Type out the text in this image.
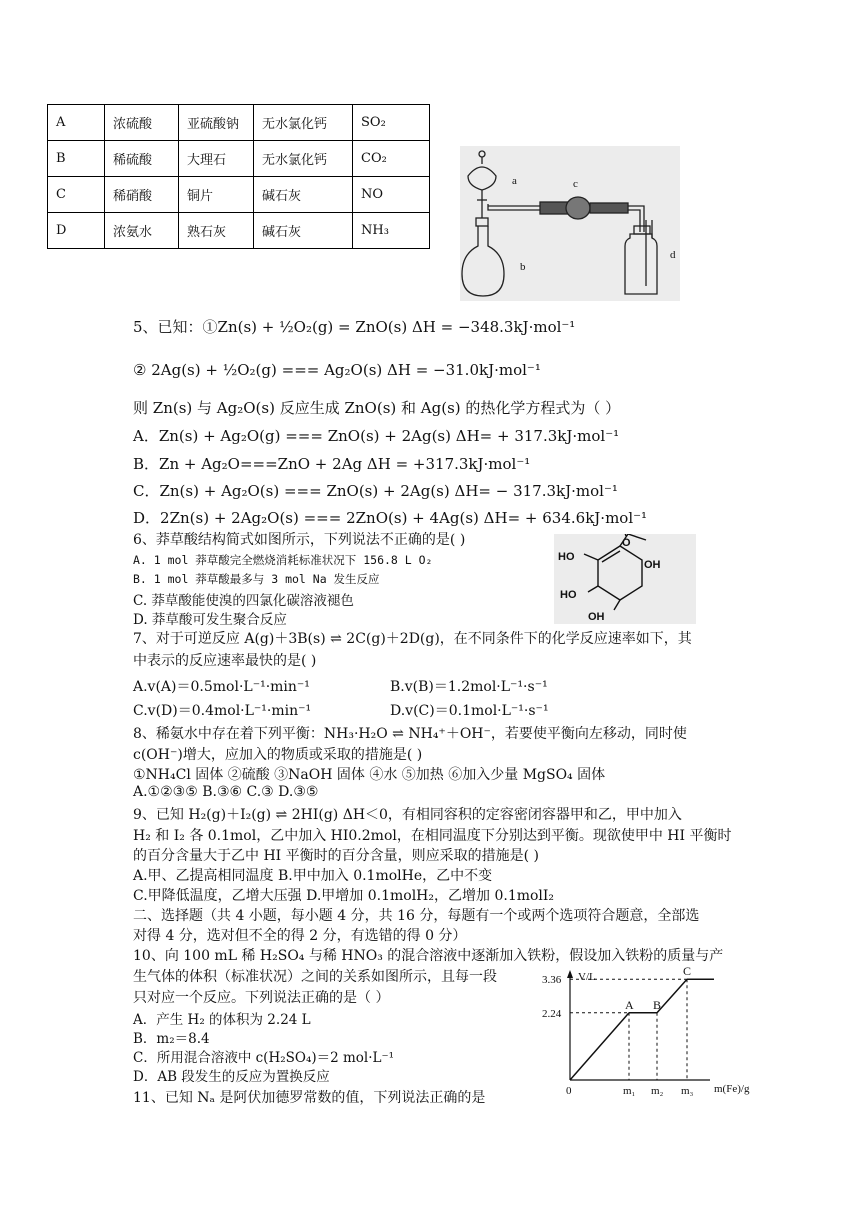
A	浓硫酸	亚硫酸钠	无水氯化钙	SO₂
B	稀硫酸	大理石	无水氯化钙	CO₂
C	稀硝酸	铜片	碱石灰	NO
D	浓氨水	熟石灰	碱石灰	NH₃
a
b
c
d
5、已知：①Zn(s) + ½O₂(g) = ZnO(s) ΔH = −348.3kJ·mol⁻¹
② 2Ag(s) + ½O₂(g) === Ag₂O(s) ΔH = −31.0kJ·mol⁻¹
则 Zn(s) 与 Ag₂O(s) 反应生成 ZnO(s) 和 Ag(s) 的热化学方程式为（ ）
A．Zn(s) + Ag₂O(g) === ZnO(s) + 2Ag(s) ΔH= + 317.3kJ·mol⁻¹
B．Zn + Ag₂O===ZnO + 2Ag ΔH = +317.3kJ·mol⁻¹
C．Zn(s) + Ag₂O(s) === ZnO(s) + 2Ag(s) ΔH= − 317.3kJ·mol⁻¹
D．2Zn(s) + 2Ag₂O(s) === 2ZnO(s) + 4Ag(s) ΔH= + 634.6kJ·mol⁻¹
6、莽草酸结构简式如图所示，下列说法不正确的是( )
A. 1 mol 莽草酸完全燃烧消耗标准状况下 156.8 L O₂
B. 1 mol 莽草酸最多与 3 mol Na 发生反应
C. 莽草酸能使溴的四氯化碳溶液褪色
D. 莽草酸可发生聚合反应
HO
OH
HO
OH
O
7、对于可逆反应 A(g)＋3B(s) ⇌ 2C(g)＋2D(g)，在不同条件下的化学反应速率如下，其
中表示的反应速率最快的是( )
A.v(A)＝0.5mol·L⁻¹·min⁻¹	B.v(B)＝1.2mol·L⁻¹·s⁻¹
C.v(D)＝0.4mol·L⁻¹·min⁻¹	D.v(C)＝0.1mol·L⁻¹·s⁻¹
8、稀氨水中存在着下列平衡：NH₃·H₂O ⇌ NH₄⁺＋OH⁻，若要使平衡向左移动，同时使
c(OH⁻)增大，应加入的物质或采取的措施是( )
①NH₄Cl 固体 ②硫酸 ③NaOH 固体 ④水 ⑤加热 ⑥加入少量 MgSO₄ 固体
A.①②③⑤ B.③⑥ C.③ D.③⑤
9、已知 H₂(g)＋I₂(g) ⇌ 2HI(g) ΔH＜0，有相同容积的定容密闭容器甲和乙，甲中加入
H₂ 和 I₂ 各 0.1mol，乙中加入 HI0.2mol，在相同温度下分别达到平衡。现欲使甲中 HI 平衡时
的百分含量大于乙中 HI 平衡时的百分含量，则应采取的措施是( )
A.甲、乙提高相同温度 B.甲中加入 0.1molHe，乙中不变
C.甲降低温度，乙增大压强 D.甲增加 0.1molH₂，乙增加 0.1molI₂
二、选择题（共 4 小题，每小题 4 分，共 16 分，每题有一个或两个选项符合题意，全部选
对得 4 分，选对但不全的得 2 分，有选错的得 0 分）
10、向 100 mL 稀 H₂SO₄ 与稀 HNO₃ 的混合溶液中逐渐加入铁粉，假设加入铁粉的质量与产
生气体的体积（标准状况）之间的关系如图所示，且每一段
只对应一个反应。下列说法正确的是（ ）
A．产生 H₂ 的体积为 2.24 L
B．m₂＝8.4
C．所用混合溶液中 c(H₂SO₄)＝2 mol·L⁻¹
D．AB 段发生的反应为置换反应
11、已知 Nₐ 是阿伏加德罗常数的值，下列说法正确的是
V/L
m(Fe)/g
0
2.24
3.36
m₁ m₂ m₃
A B
C
